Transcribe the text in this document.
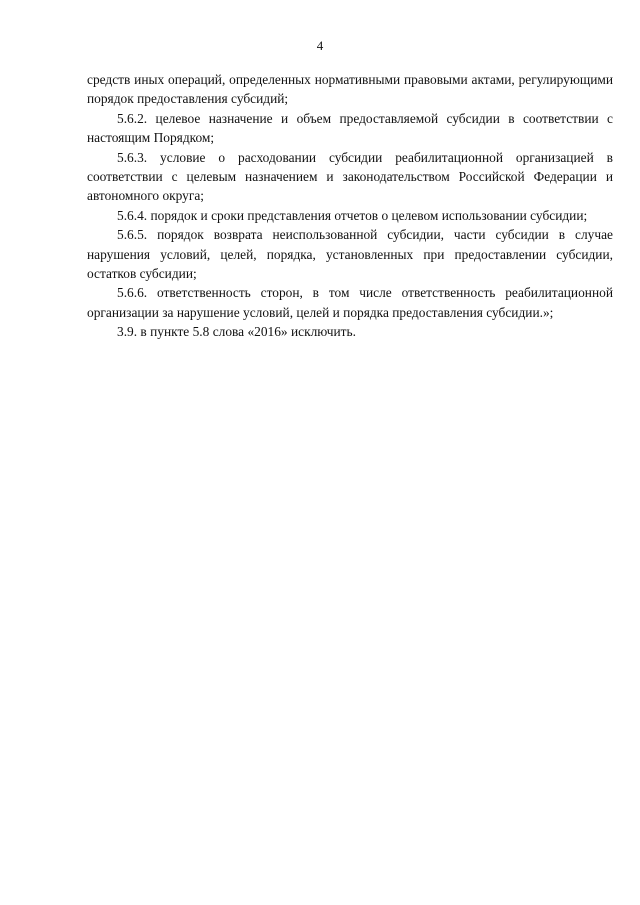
4

средств иных операций, определенных нормативными правовыми актами, регулирующими порядок предоставления субсидий;

5.6.2. целевое назначение и объем предоставляемой субсидии в соответствии с настоящим Порядком;

5.6.3. условие о расходовании субсидии реабилитационной организацией в соответствии с целевым назначением и законодательством Российской Федерации и автономного округа;

5.6.4. порядок и сроки представления отчетов о целевом использовании субсидии;

5.6.5. порядок возврата неиспользованной субсидии, части субсидии в случае нарушения условий, целей, порядка, установленных при предоставлении субсидии, остатков субсидии;

5.6.6. ответственность сторон, в том числе ответственность реабилитационной организации за нарушение условий, целей и порядка предоставления субсидии.»;

3.9. в пункте 5.8 слова «2016» исключить.
